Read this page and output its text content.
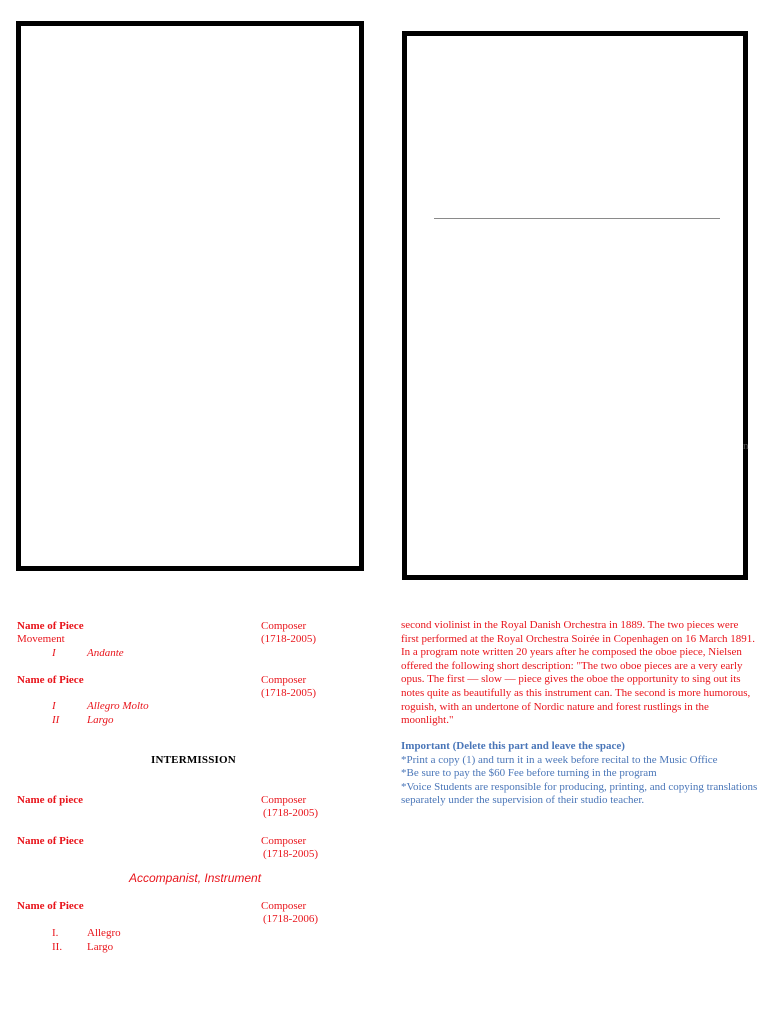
n
Name of Piece	Composer
Movement	(1718-2005)
I	Andante
Name of Piece	Composer
(1718-2005)
I	Allegro Molto
II	Largo
INTERMISSION
Name of piece	Composer
(1718-2005)
Name of Piece	Composer
(1718-2005)
Accompanist, Instrument
Name of Piece	Composer
(1718-2006)
I.	Allegro
II. Largo
second violinist in the Royal Danish Orchestra in 1889. The two pieces were first performed at the Royal Orchestra Soirée in Copenhagen on 16 March 1891. In a program note written 20 years after he composed the oboe piece, Nielsen offered the following short description: "The two oboe pieces are a very early opus. The first — slow — piece gives the oboe the opportunity to sing out its notes quite as beautifully as this instrument can. The second is more humorous, roguish, with an undertone of Nordic nature and forest rustlings in the moonlight."
Important (Delete this part and leave the space)
*Print a copy (1) and turn it in a week before recital to the Music Office
*Be sure to pay the $60 Fee before turning in the program
*Voice Students are responsible for producing, printing, and copying translations separately under the supervision of their studio teacher.
